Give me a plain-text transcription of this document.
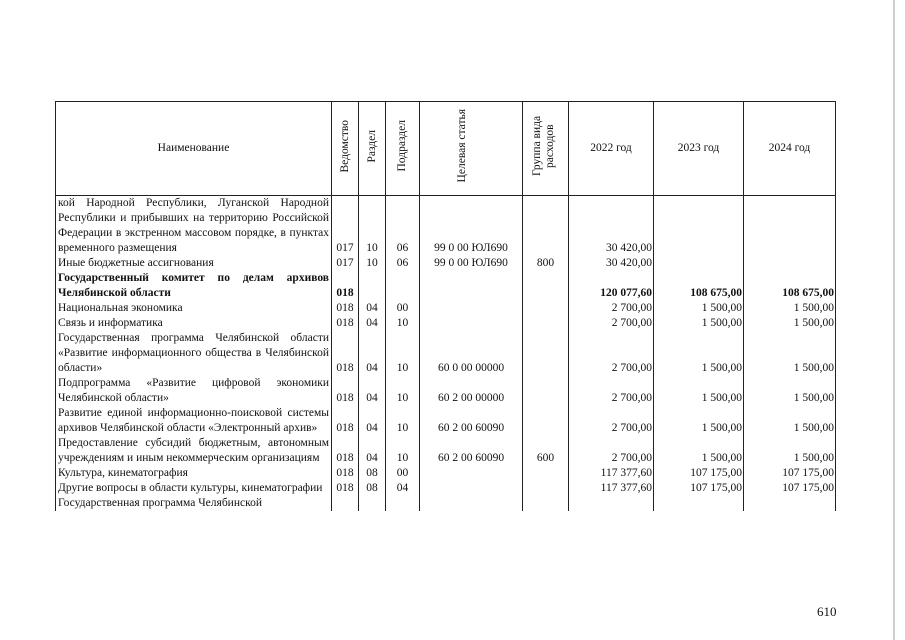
Наименование	Ведомство	Раздел	Подраздел	Целевая статья	Группа вида расходов	2022 год	2023 год	2024 год
кой Народной Республики, Луганской Народной Республики и прибывших на территорию Российской Федерации в экстренном массовом порядке, в пунктах временного размещения	017	10	06	99 0 00 ЮЛ690		30 420,00		
Иные бюджетные ассигнования	017	10	06	99 0 00 ЮЛ690	800	30 420,00		
Государственный комитет по делам архивов Челябинской области	018					120 077,60	108 675,00	108 675,00
Национальная экономика	018	04	00			2 700,00	1 500,00	1 500,00
Связь и информатика	018	04	10			2 700,00	1 500,00	1 500,00
Государственная программа Челябинской области «Развитие информационного общества в Челябинской области»	018	04	10	60 0 00 00000		2 700,00	1 500,00	1 500,00
Подпрограмма «Развитие цифровой экономики Челябинской области»	018	04	10	60 2 00 00000		2 700,00	1 500,00	1 500,00
Развитие единой информационно-поисковой системы архивов Челябинской области «Электронный архив»	018	04	10	60 2 00 60090		2 700,00	1 500,00	1 500,00
Предоставление субсидий бюджетным, автономным учреждениям и иным некоммерческим организациям	018	04	10	60 2 00 60090	600	2 700,00	1 500,00	1 500,00
Культура, кинематография	018	08	00			117 377,60	107 175,00	107 175,00
Другие вопросы в области культуры, кинематографии	018	08	04			117 377,60	107 175,00	107 175,00
Государственная программа Челябинской								
610
